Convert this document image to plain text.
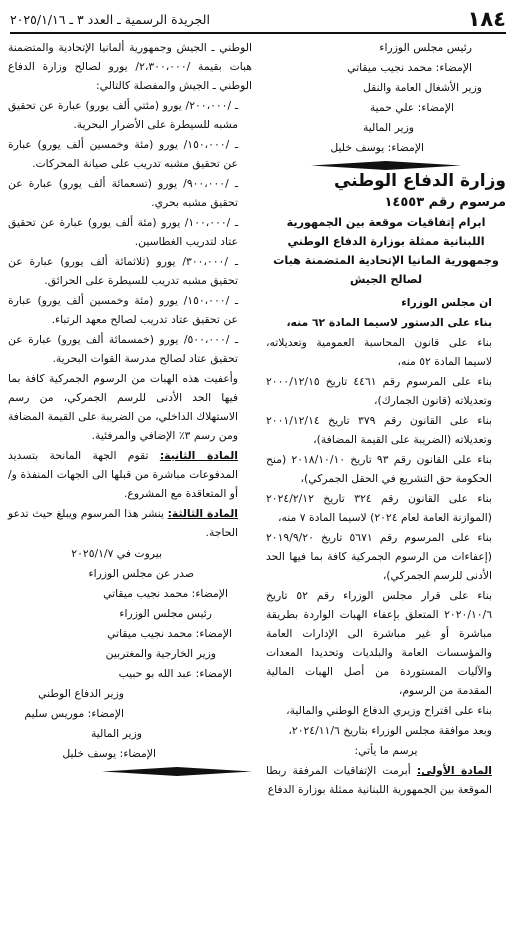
١٨٤
الجريدة الرسمية ـ العدد ٣ ـ ٢٠٢٥/١/١٦

رئيس مجلس الوزراء

الإمضاء: محمد نجيب ميقاتي

وزير الأشغال العامة والنقل

الإمضاء: علي حمية

وزير المالية

الإمضاء: يوسف خليل

وزارة الدفاع الوطني

مرسوم رقم ١٤٥٥٣

ابرام إتفاقيات موقعة بين الجمهورية اللبنانية ممثلة بوزارة الدفاع الوطني وجمهورية المانيا الإتحادية المتضمنة هبات لصالح الجيش

ان مجلس الوزراء

بناء على الدستور لاسيما المادة ٦٢ منه،

بناء على قانون المحاسبة العمومية وتعديلاته، لاسيما المادة ٥٢ منه،

بناء على المرسوم رقم ٤٤٦١ تاريخ ٢٠٠٠/١٢/١٥ وتعديلاته (قانون الجمارك)،

بناء على القانون رقم ٣٧٩ تاريخ ٢٠٠١/١٢/١٤ وتعديلاته (الضريبة على القيمة المضافة)،

بناء على القانون رقم ٩٣ تاريخ ٢٠١٨/١٠/١٠ (منح الحكومة حق التشريع في الحقل الجمركي)،

بناء على القانون رقم ٣٢٤ تاريخ ٢٠٢٤/٢/١٢ (الموازنة العامة لعام ٢٠٢٤) لاسيما المادة ٧ منه،

بناء على المرسوم رقم ٥٦٧١ تاريخ ٢٠١٩/٩/٢٠ (إعفاءات من الرسوم الجمركية كافة بما فيها الحد الأدنى للرسم الجمركي)،

بناء على قرار مجلس الوزراء رقم ٥٢ تاريخ ٢٠٢٠/١٠/٦ المتعلق بإعفاء الهبات الواردة بطريقة مباشرة أو غير مباشرة الى الإدارات العامة والمؤسسات العامة والبلديات وتحديدا المعدات والآليات المستوردة من أصل الهبات المالية المقدمة من الرسوم،

بناء على اقتراح وزيري الدفاع الوطني والمالية،

وبعد موافقة مجلس الوزراء بتاريخ ٢٠٢٤/١١/٦،

يرسم ما يأتي:

المادة الأولى: أبرمت الإتفاقيات المرفقة ربطا الموقعة بين الجمهورية اللبنانية ممثلة بوزارة الدفاع

الوطني ـ الجيش وجمهورية ألمانيا الإتحادية والمتضمنة هبات بقيمة /٢،٣٠٠،٠٠٠/ يورو لصالح وزارة الدفاع الوطني ـ الجيش والمفصلة كالتالي:

ـ /٢٠٠،٠٠٠/ يورو (مئتي ألف يورو) عبارة عن تحقيق مشبه للسيطرة على الأضرار البحرية.

ـ /١٥٠،٠٠٠/ يورو (مئة وخمسين ألف يورو) عبارة عن تحقيق مشبه تدريب على صيانة المحركات.

ـ /٩٠٠،٠٠٠/ يورو (تسعمائة ألف يورو) عبارة عن تحقيق مشبه بحري.

ـ /١٠٠،٠٠٠/ يورو (مئة ألف يورو) عبارة عن تحقيق عتاد لتدريب الغطاسين.

ـ /٣٠٠،٠٠٠/ يورو (ثلاثمائة ألف يورو) عبارة عن تحقيق مشبه تدريب للسيطرة على الحرائق.

ـ /١٥٠،٠٠٠/ يورو (مئة وخمسين ألف يورو) عبارة عن تحقيق عتاد تدريب لصالح معهد الرتباء.

ـ /٥٠٠،٠٠٠/ يورو (خمسمائة ألف يورو) عبارة عن تحقيق عتاد لصالح مدرسة القوات البحرية.

وأعفيت هذه الهبات من الرسوم الجمركية كافة بما فيها الحد الأدنى للرسم الجمركي، من رسم الاستهلاك الداخلي، من الضريبة على القيمة المضافة ومن رسم ٣٪ الإضافي والمرفئية.

المادة الثانية: تقوم الجهة المانحة بتسديد المدفوعات مباشرة من قبلها الى الجهات المنفذة و/أو المتعاقدة مع المشروع.

المادة الثالثة: ينشر هذا المرسوم ويبلغ حيث تدعو الحاجة.

بيروت في ٢٠٢٥/١/٧

صدر عن مجلس الوزراء

الإمضاء: محمد نجيب ميقاتي

رئيس مجلس الوزراء

الإمضاء: محمد نجيب ميقاتي

وزير الخارجية والمغتربين

الإمضاء: عبد الله بو حبيب

وزير الدفاع الوطني

الإمضاء: موريس سليم

وزير المالية

الإمضاء: يوسف خليل
